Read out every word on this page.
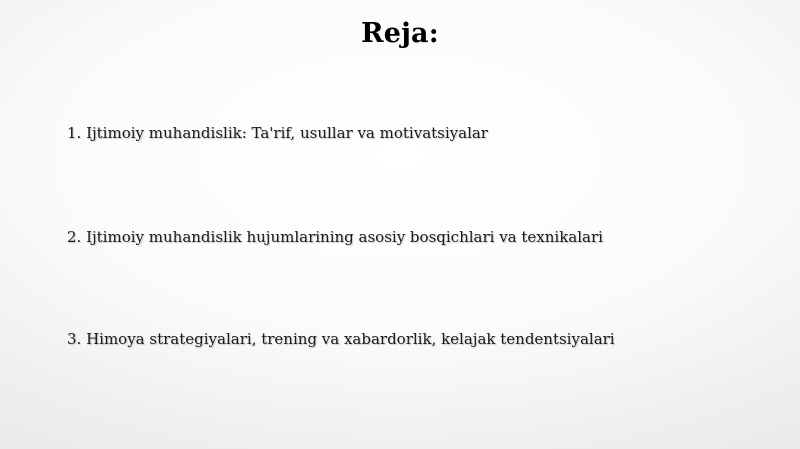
Reja:
1. Ijtimoiy muhandislik: Ta'rif, usullar va motivatsiyalar
2. Ijtimoiy muhandislik hujumlarining asosiy bosqichlari va texnikalari
3. Himoya strategiyalari, trening va xabardorlik, kelajak tendentsiyalari
